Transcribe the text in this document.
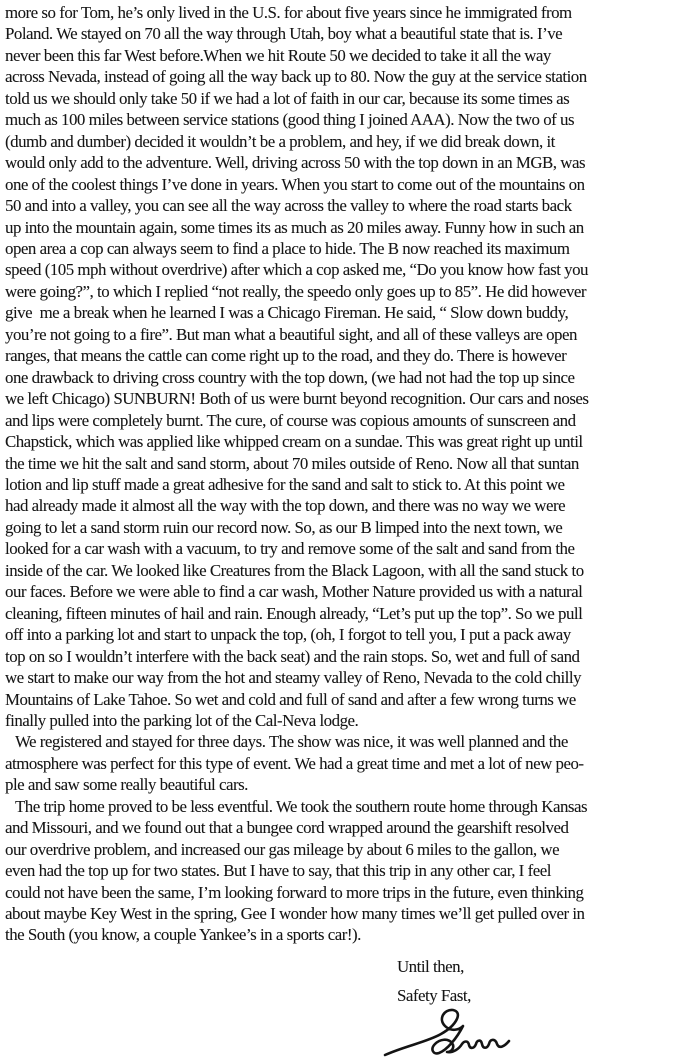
more so for Tom, he’s only lived in the U.S. for about five years since he immigrated from
Poland. We stayed on 70 all the way through Utah, boy what a beautiful state that is. I’ve
never been this far West before.When we hit Route 50 we decided to take it all the way
across Nevada, instead of going all the way back up to 80. Now the guy at the service station
told us we should only take 50 if we had a lot of faith in our car, because its some times as
much as 100 miles between service stations (good thing I joined AAA). Now the two of us
(dumb and dumber) decided it wouldn’t be a problem, and hey, if we did break down, it
would only add to the adventure. Well, driving across 50 with the top down in an MGB, was
one of the coolest things I’ve done in years. When you start to come out of the mountains on
50 and into a valley, you can see all the way across the valley to where the road starts back
up into the mountain again, some times its as much as 20 miles away. Funny how in such an
open area a cop can always seem to find a place to hide. The B now reached its maximum
speed (105 mph without overdrive) after which a cop asked me, “Do you know how fast you
were going?”, to which I replied “not really, the speedo only goes up to 85”. He did however
give  me a break when he learned I was a Chicago Fireman. He said, “ Slow down buddy,
you’re not going to a fire”. But man what a beautiful sight, and all of these valleys are open
ranges, that means the cattle can come right up to the road, and they do. There is however
one drawback to driving cross country with the top down, (we had not had the top up since
we left Chicago) SUNBURN! Both of us were burnt beyond recognition. Our cars and noses
and lips were completely burnt. The cure, of course was copious amounts of sunscreen and
Chapstick, which was applied like whipped cream on a sundae. This was great right up until
the time we hit the salt and sand storm, about 70 miles outside of Reno. Now all that suntan
lotion and lip stuff made a great adhesive for the sand and salt to stick to. At this point we
had already made it almost all the way with the top down, and there was no way we were
going to let a sand storm ruin our record now. So, as our B limped into the next town, we
looked for a car wash with a vacuum, to try and remove some of the salt and sand from the
inside of the car. We looked like Creatures from the Black Lagoon, with all the sand stuck to
our faces. Before we were able to find a car wash, Mother Nature provided us with a natural
cleaning, fifteen minutes of hail and rain. Enough already, “Let’s put up the top”. So we pull
off into a parking lot and start to unpack the top, (oh, I forgot to tell you, I put a pack away
top on so I wouldn’t interfere with the back seat) and the rain stops. So, wet and full of sand
we start to make our way from the hot and steamy valley of Reno, Nevada to the cold chilly
Mountains of Lake Tahoe. So wet and cold and full of sand and after a few wrong turns we
finally pulled into the parking lot of the Cal-Neva lodge.
We registered and stayed for three days. The show was nice, it was well planned and the
atmosphere was perfect for this type of event. We had a great time and met a lot of new peo-
ple and saw some really beautiful cars.
The trip home proved to be less eventful. We took the southern route home through Kansas
and Missouri, and we found out that a bungee cord wrapped around the gearshift resolved
our overdrive problem, and increased our gas mileage by about 6 miles to the gallon, we
even had the top up for two states. But I have to say, that this trip in any other car, I feel
could not have been the same, I’m looking forward to more trips in the future, even thinking
about maybe Key West in the spring, Gee I wonder how many times we’ll get pulled over in
the South (you know, a couple Yankee’s in a sports car!).
Until then,
Safety Fast,
